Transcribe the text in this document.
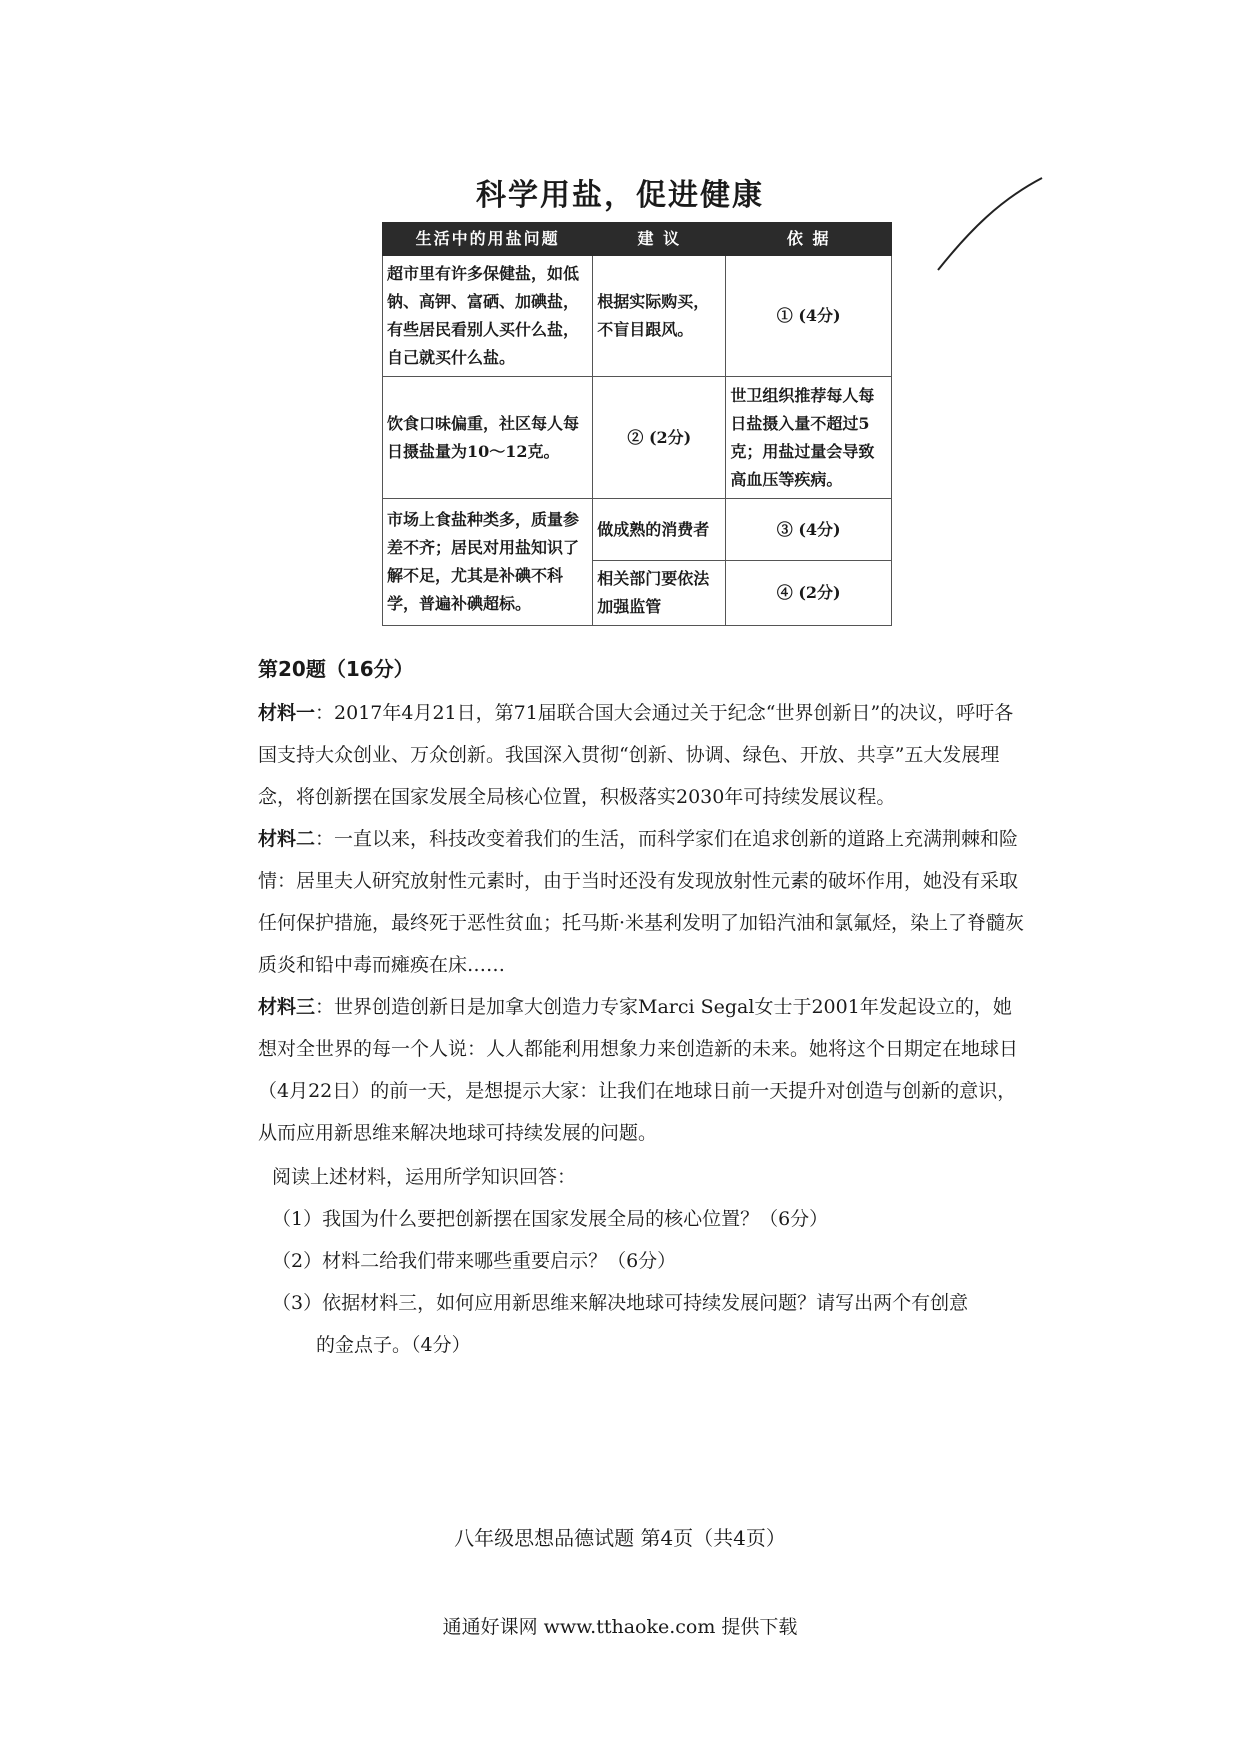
科学用盐，促进健康
生活中的用盐问题	建 议	依 据
超市里有许多保健盐，如低钠、高钾、富硒、加碘盐，有些居民看别人买什么盐，自己就买什么盐。	根据实际购买，不盲目跟风。	① (4分)
饮食口味偏重，社区每人每日摄盐量为10～12克。	② (2分)	世卫组织推荐每人每日盐摄入量不超过5克；用盐过量会导致高血压等疾病。
市场上食盐种类多，质量参差不齐；居民对用盐知识了解不足，尤其是补碘不科学，普遍补碘超标。	做成熟的消费者	③ (4分)
	相关部门要依法加强监管	④ (2分)
第20题（16分）

材料一：2017年4月21日，第71届联合国大会通过关于纪念“世界创新日”的决议，呼吁各国支持大众创业、万众创新。我国深入贯彻“创新、协调、绿色、开放、共享”五大发展理念，将创新摆在国家发展全局核心位置，积极落实2030年可持续发展议程。

材料二：一直以来，科技改变着我们的生活，而科学家们在追求创新的道路上充满荆棘和险情：居里夫人研究放射性元素时，由于当时还没有发现放射性元素的破坏作用，她没有采取任何保护措施，最终死于恶性贫血；托马斯·米基利发明了加铅汽油和氯氟烃，染上了脊髓灰质炎和铅中毒而瘫痪在床……

材料三：世界创造创新日是加拿大创造力专家Marci Segal女士于2001年发起设立的，她想对全世界的每一个人说：人人都能利用想象力来创造新的未来。她将这个日期定在地球日（4月22日）的前一天，是想提示大家：让我们在地球日前一天提升对创造与创新的意识，从而应用新思维来解决地球可持续发展的问题。

阅读上述材料，运用所学知识回答：
（1）我国为什么要把创新摆在国家发展全局的核心位置？（6分）
（2）材料二给我们带来哪些重要启示？（6分）
（3）依据材料三，如何应用新思维来解决地球可持续发展问题？请写出两个有创意
的金点子。（4分）
八年级思想品德试题 第4页（共4页）
通通好课网 www.tthaoke.com 提供下载
